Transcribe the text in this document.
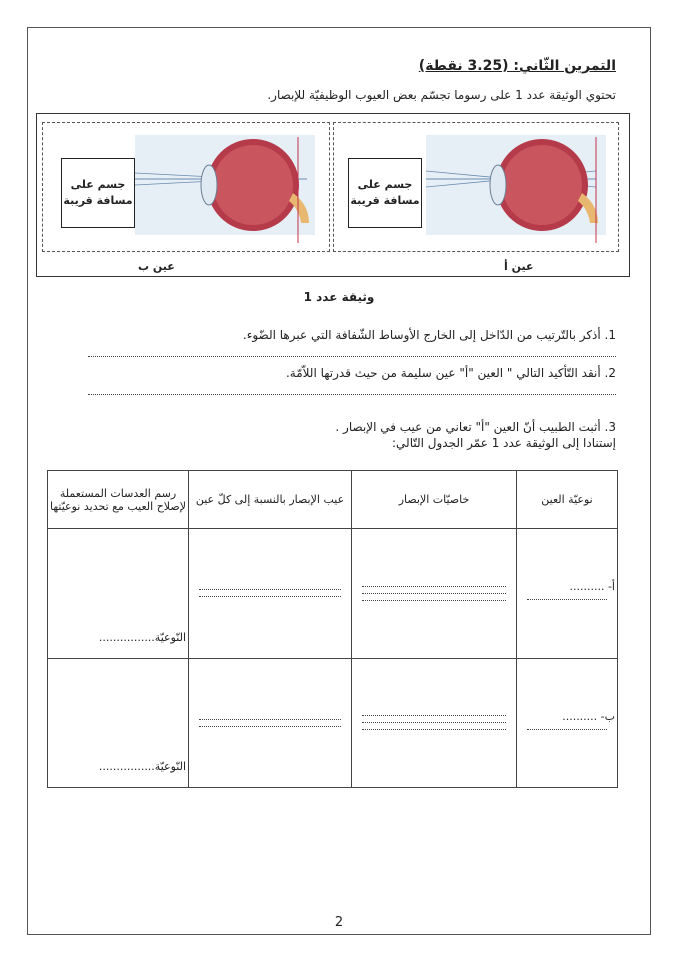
التمرين الثّاني: (3.25 نقطة)
تحتوي الوثيقة عدد 1 على رسوما تجسّم بعض العيوب الوظيفيّة للإبصار.
جسم على مسافة قريبة
عين ب
جسم على مسافة قريبة
عين أ
وثيقة عدد 1
1. أذكر بالتّرتيب من الدّاخل إلى الخارج الأوساط الشّفافة التي عبرها الضّوء.
2. أنقد التّأكيد التالي " العين "أ" عين سليمة من حيث قدرتها اللاّمّة.
3. أثبت الطبيب أنّ العين "أ" تعاني من عيب في الإبصار .
إستنادا إلى الوثيقة عدد 1 عمّر الجدول التّالي:
نوعيّة العين	خاصيّات الإبصار	عيب الإبصار بالنسبة إلى كلّ عين	رسم العدسات المستعملة لإصلاح العيب مع تحديد نوعيّتها

أ- ..........			النّوعيّة................

ب- ..........			النّوعيّة................
2
